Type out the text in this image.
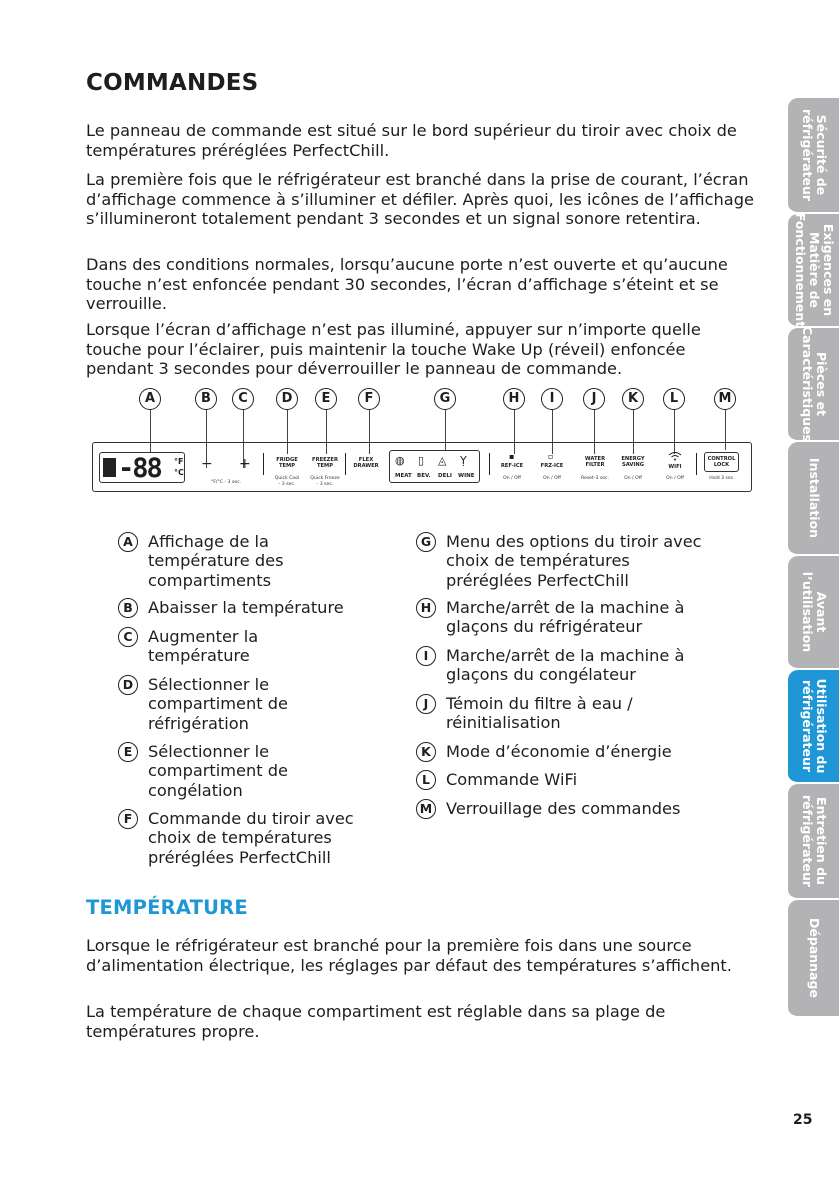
COMMANDES

Le panneau de commande est situé sur le bord supérieur du tiroir avec choix de températures préréglées PerfectChill.

La première fois que le réfrigérateur est branché dans la prise de courant, l’écran d’affichage commence à s’illuminer et défiler. Après quoi, les icônes de l’affichage s’illumineront totalement pendant 3 secondes et un signal sonore retentira.

Dans des conditions normales, lorsqu’aucune porte n’est ouverte et qu’aucune touche n’est enfoncée pendant 30 secondes, l’écran d’affichage s’éteint et se verrouille.

Lorsque l’écran d’affichage n’est pas illuminé, appuyer sur n’importe quelle touche pour l’éclairer, puis maintenir la touche Wake Up (réveil) enfoncée pendant 3 secondes pour déverrouiller le panneau de commande.

Sécurité de
réfrigérateur
Exigences en
Matière de
Fonctionnement
Pièces et
Caractéristiques
Installation
Avant
l’utilisation
Utilisation du
réfrigérateur
Entretien du
réfrigérateur
Dépannage
A	B	C	D	E	F	G	H	I	J	K	L	M
-88 °F
°C
− +
°F/°C - 3 sec.
FRIDGE
TEMP
Quick Cool
- 3 sec.
FREEZER
TEMP
Quick Freeze
- 3 sec.
FLEX
DRAWER	◍ ▯ ◬ Ỵ
MEAT BEV. DELI WINE
▪
REF-ICE
On / Off
▫
FRZ-ICE
On / Off
WATER
FILTER
Reset-3 sec.
ENERGY
SAVING
On / Off
WIFI
On / Off
CONTROL
LOCK
Hold 3 sec.
A Affichage de la température des compartiments
B Abaisser la température
C Augmenter la température
D Sélectionner le compartiment de réfrigération
E Sélectionner le compartiment de congélation
F Commande du tiroir avec choix de températures préréglées PerfectChill
G Menu des options du tiroir avec choix de températures préréglées PerfectChill
H Marche/arrêt de la machine à glaçons du réfrigérateur
I	Marche/arrêt de la machine à glaçons du congélateur
J	Témoin du filtre à eau / réinitialisation
K Mode d’économie d’énergie
L Commande WiFi
M Verrouillage des commandes
TEMPÉRATURE

Lorsque le réfrigérateur est branché pour la première fois dans une source d’alimentation électrique, les réglages par défaut des températures s’affichent.

La température de chaque compartiment est réglable dans sa plage de températures propre.

25
